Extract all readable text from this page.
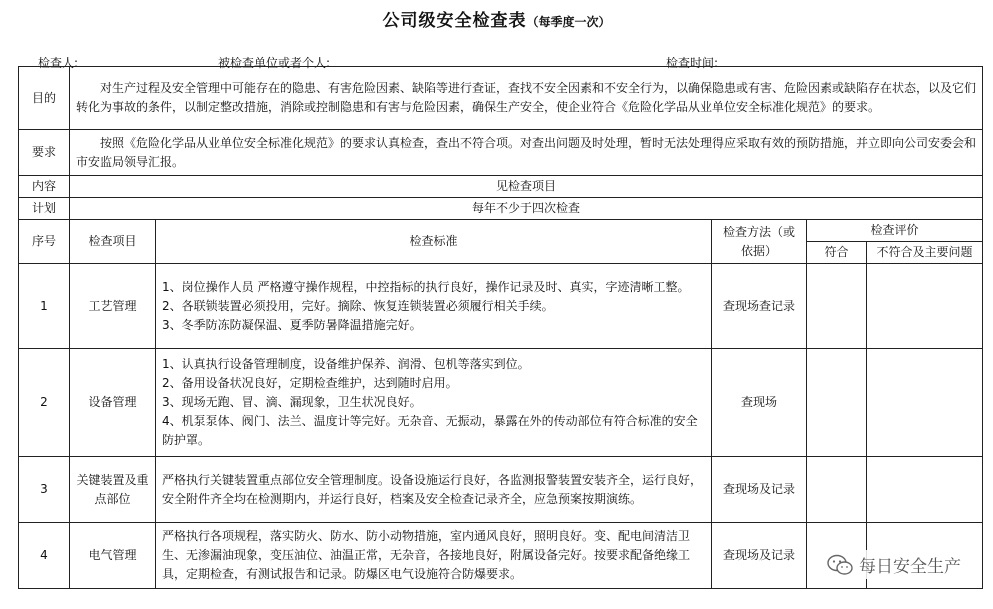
公司级安全检查表（每季度一次）
检查人:	被检查单位或者个人:	检查时间:
目的	对生产过程及安全管理中可能存在的隐患、有害危险因素、缺陷等进行查证，查找不安全因素和不安全行为，以确保隐患或有害、危险因素或缺陷存在状态，以及它们转化为事故的条件，以制定整改措施，消除或控制隐患和有害与危险因素，确保生产安全，使企业符合《危险化学品从业单位安全标准化规范》的要求。				
要求	按照《危险化学品从业单位安全标准化规范》的要求认真检查，查出不符合项。对查出问题及时处理，暂时无法处理得应采取有效的预防措施，并立即向公司安委会和市安监局领导汇报。				
内容	见检查项目				
计划	每年不少于四次检查				
序号	检查项目	检查标准	检查方法（或依据）	检查评价	
				符合	不符合及主要问题
1	工艺管理	1、岗位操作人员 严格遵守操作规程，中控指标的执行良好，操作记录及时、真实，字迹清晰工整。
2、各联锁装置必须投用，完好。摘除、恢复连锁装置必须履行相关手续。
3、冬季防冻防凝保温、夏季防暑降温措施完好。	查现场查记录		
2	设备管理	1、认真执行设备管理制度，设备维护保养、润滑、包机等落实到位。
2、备用设备状况良好，定期检查维护，达到随时启用。
3、现场无跑、冒、滴、漏现象，卫生状况良好。
4、机泵泵体、阀门、法兰、温度计等完好。无杂音、无振动，暴露在外的传动部位有符合标准的安全防护罩。	查现场		
3	关键装置及重点部位	严格执行关键装置重点部位安全管理制度。设备设施运行良好，各监测报警装置安装齐全，运行良好，安全附件齐全均在检测期内，并运行良好，档案及安全检查记录齐全，应急预案按期演练。	查现场及记录		
4	电气管理	严格执行各项规程，落实防火、防水、防小动物措施，室内通风良好，照明良好。变、配电间清洁卫生、无渗漏油现象，变压油位、油温正常，无杂音，各接地良好，附属设备完好。按要求配备绝缘工具，定期检查，有测试报告和记录。防爆区电气设施符合防爆要求。	查现场及记录		
每日安全生产
